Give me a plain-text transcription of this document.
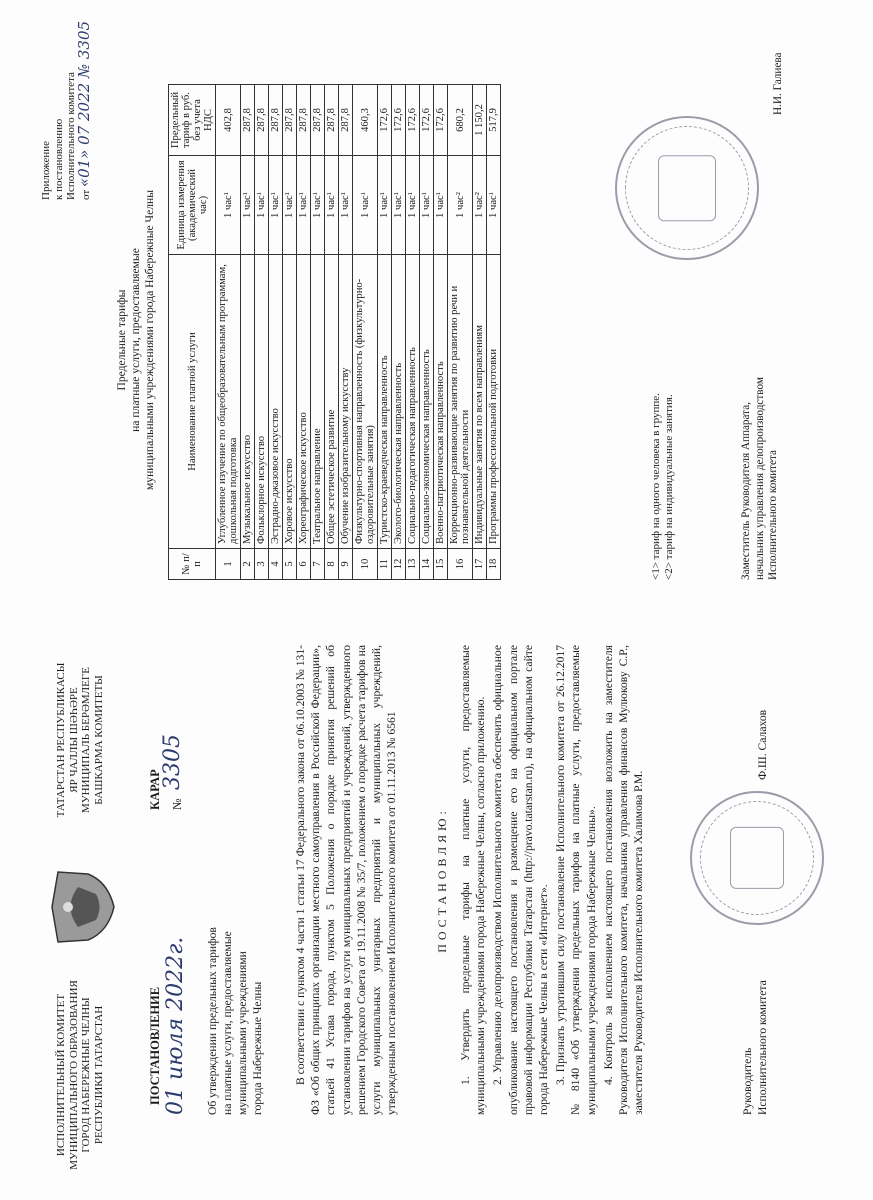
ИСПОЛНИТЕЛЬНЫЙ КОМИТЕТ МУНИЦИПАЛЬНОГО ОБРАЗОВАНИЯ ГОРОД НАБЕРЕЖНЫЕ ЧЕЛНЫ РЕСПУБЛИКИ ТАТАРСТАН
ТАТАРСТАН РЕСПУБЛИКАСЫ ЯР ЧАЛЛЫ ШӘҺӘРЕ МУНИЦИПАЛЬ БЕРӘМЛЕГЕ БАШКАРМА КОМИТЕТЫ
ПОСТАНОВЛЕНИЕ 01 июля 2022г.
КАРАР №
3305
Об утверждении предельных тарифов на платные услуги, предоставляемые муниципальными учреждениями города Набережные Челны	В соответствии с пунктом 4 части 1 статьи 17 Федерального закона от 06.10.2003 № 131-ФЗ «Об общих принципах организации местного самоуправления в Российской Федерации», статьей 41 Устава города, пунктом 5 Положения о порядке принятия решений об установлении тарифов на услуги муниципальных предприятий и учреждений, утвержденного решением Городского Совета от 19.11.2008 № 35/7, положением о порядке расчета тарифов на услуги муниципальных унитарных предприятий и муниципальных учреждений, утвержденным постановлением Исполнительного комитета от 01.11.2013 № 6561	ПОСТАНОВЛЯЮ: 1. Утвердить предельные тарифы на платные услуги, предоставляемые муниципальными учреждениями города Набережные Челны, согласно приложению. 2. Управлению делопроизводством Исполнительного комитета обеспечить официальное опубликование настоящего постановления и размещение его на официальном портале правовой информации Республики Татарстан (http://pravo.tatarstan.ru), на официальном сайте города Набережные Челны в сети «Интернет». 3. Признать утратившим силу постановление Исполнительного комитета от 26.12.2017 № 8140 «Об утверждении предельных тарифов на платные услуги, предоставляемые муниципальными учреждениями города Набережные Челны». 4. Контроль за исполнением настоящего постановления возложить на заместителя Руководителя Исполнительного комитета, начальника управления финансов Мулюкову С.Р., заместителя Руководителя Исполнительного комитета Халимова Р.М.	Руководитель Исполнительного комитета
Ф.Ш. Салахов
Приложение к постановлению Исполнительного комитета от «01» 07 2022 № 3305
Предельные тарифы на платные услуги, предоставляемые муниципальными учреждениями города Набережные Челны
№ п/п	Наименование платной услуги	Единица измерения (академический час)	Предельный тариф в руб. без учета НДС
1	Углубленное изучение по общеобразовательным программам, дошкольная подготовка	1 час¹	402,8
2	Музыкальное искусство	1 час¹	287,8
3	Фольклорное искусство	1 час¹	287,8
4	Эстрадно-джазовое искусство	1 час¹	287,8
5	Хоровое искусство	1 час¹	287,8
6	Хореографическое искусство	1 час¹	287,8
7	Театральное направление	1 час¹	287,8
8	Общее эстетическое развитие	1 час¹	287,8
9	Обучение изобразительному искусству	1 час¹	287,8
10	Физкультурно-спортивная направленность (физкультурно-оздоровительные занятия)	1 час¹	460,3
11	Туристско-краеведческая направленность	1 час¹	172,6
12	Эколого-биологическая направленность	1 час¹	172,6
13	Социально-педагогическая направленность	1 час¹	172,6
14	Социально-экономическая направленность	1 час¹	172,6
15	Военно-патриотическая направленность	1 час¹	172,6
16	Коррекционно-развивающие занятия по развитию речи и познавательной деятельности	1 час²	680,2
17	Индивидуальные занятия по всем направлениям	1 час²	1 150,2
18	Программы профессиональной подготовки	1 час¹	517,9
<1> тариф на одного человека в группе. <2> тариф на индивидуальные занятия.	Заместитель Руководителя Аппарата, начальник управления делопроизводством Исполнительного комитета
Н.И. Галиева
